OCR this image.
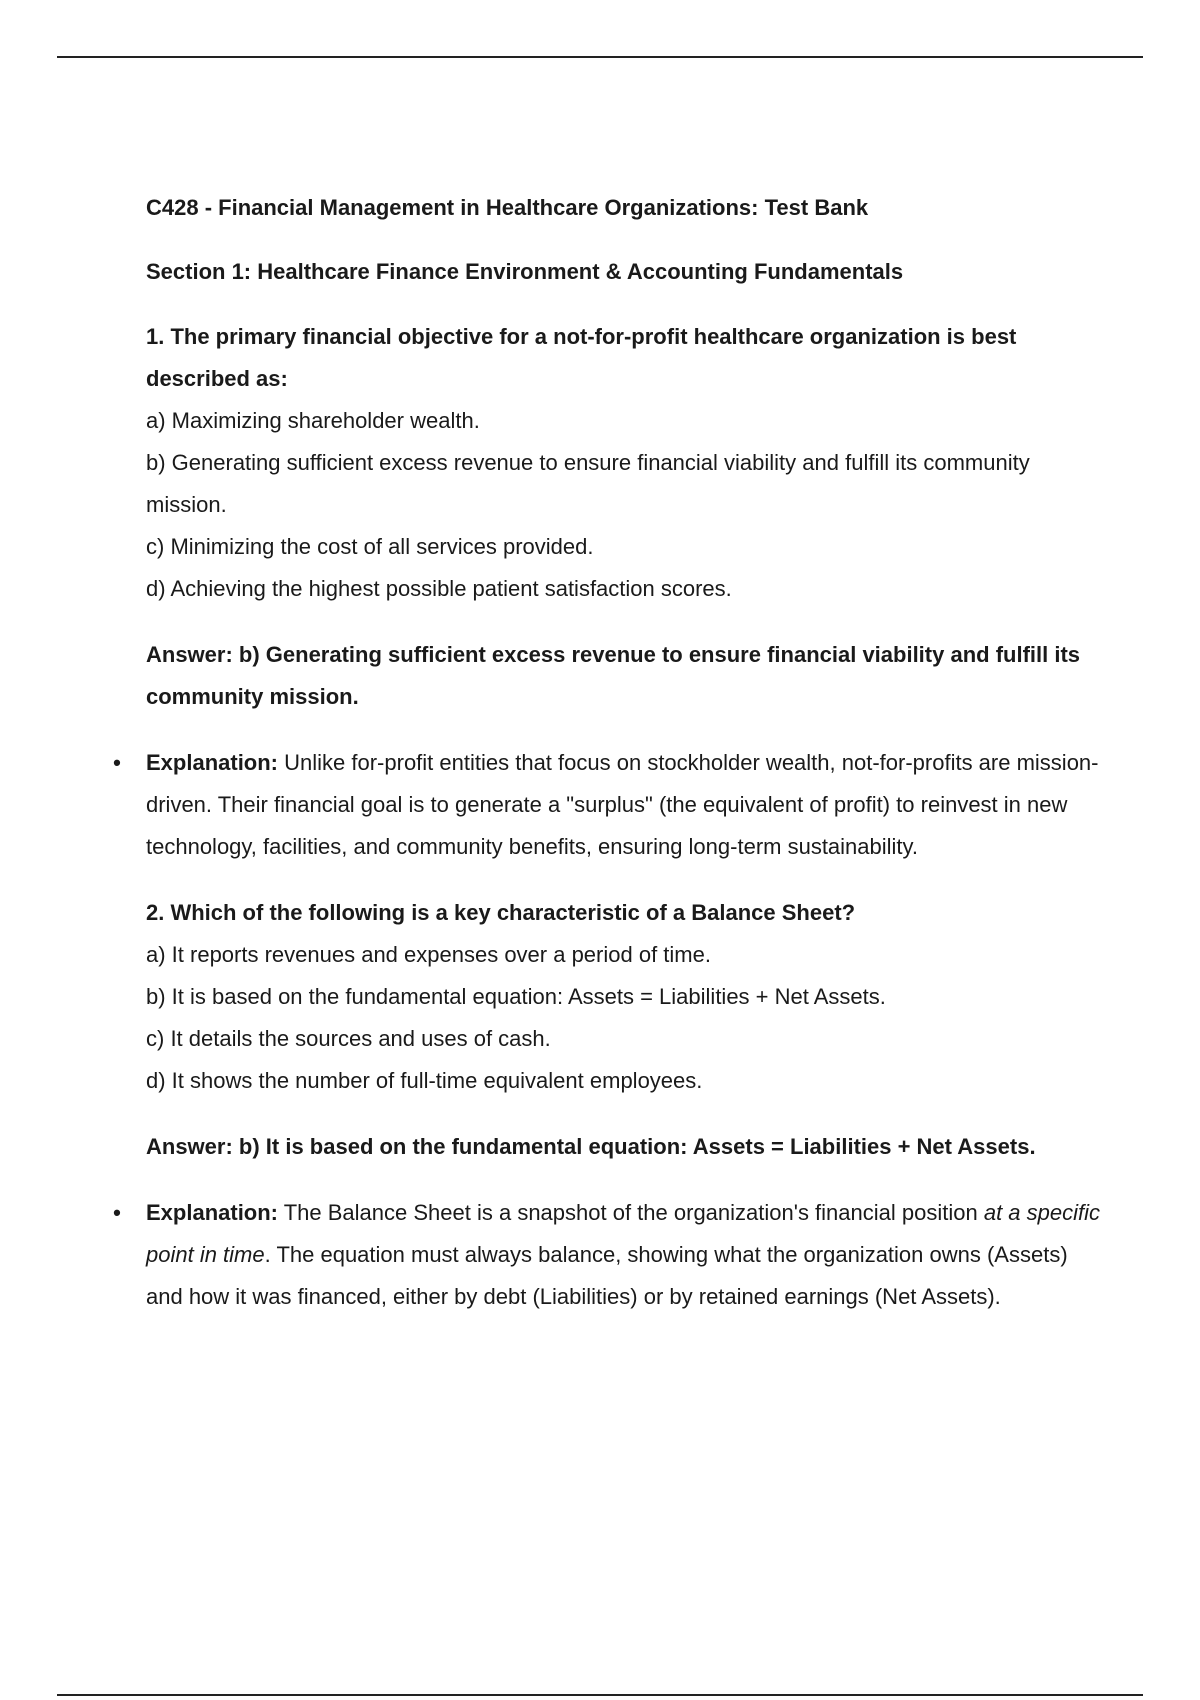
C428 - Financial Management in Healthcare Organizations: Test Bank

Section 1: Healthcare Finance Environment & Accounting Fundamentals

1. The primary financial objective for a not-for-profit healthcare organization is best described as:

a) Maximizing shareholder wealth.

b) Generating sufficient excess revenue to ensure financial viability and fulfill its community mission.

c) Minimizing the cost of all services provided.

d) Achieving the highest possible patient satisfaction scores.

Answer: b) Generating sufficient excess revenue to ensure financial viability and fulfill its community mission.

• Explanation: Unlike for-profit entities that focus on stockholder wealth, not-for-profits are mission-driven. Their financial goal is to generate a "surplus" (the equivalent of profit) to reinvest in new technology, facilities, and community benefits, ensuring long-term sustainability.

2. Which of the following is a key characteristic of a Balance Sheet?

a) It reports revenues and expenses over a period of time.

b) It is based on the fundamental equation: Assets = Liabilities + Net Assets.

c) It details the sources and uses of cash.

d) It shows the number of full-time equivalent employees.

Answer: b) It is based on the fundamental equation: Assets = Liabilities + Net Assets.

• Explanation: The Balance Sheet is a snapshot of the organization's financial position at a specific point in time. The equation must always balance, showing what the organization owns (Assets) and how it was financed, either by debt (Liabilities) or by retained earnings (Net Assets).
